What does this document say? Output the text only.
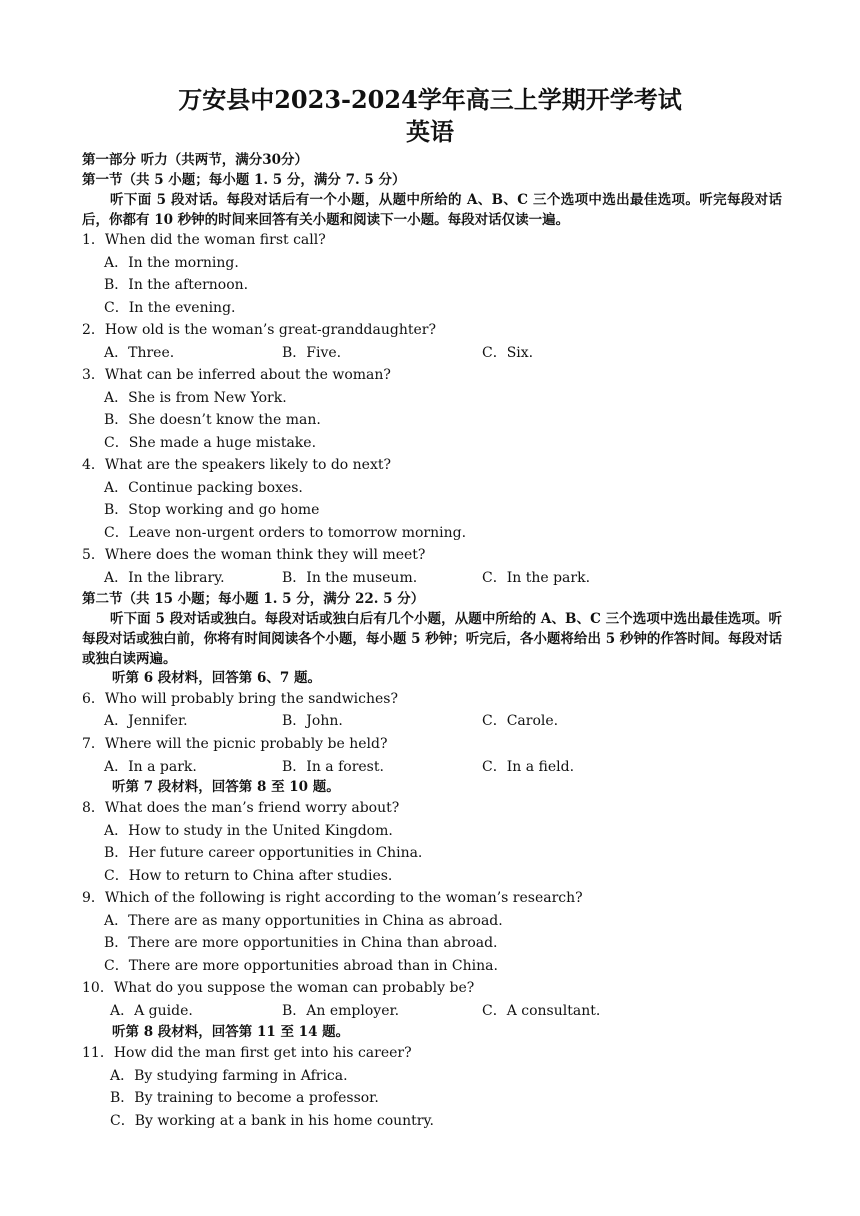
万安县中2023-2024学年高三上学期开学考试
英语
第一部分 听力（共两节，满分30分）
第一节（共 5 小题；每小题 1. 5 分，满分 7. 5 分）
听下面 5 段对话。每段对话后有一个小题，从题中所给的 A、B、C 三个选项中选出最佳选项。听完每段对话后，你都有 10 秒钟的时间来回答有关小题和阅读下一小题。每段对话仅读一遍。
1．When did the woman first call?
A．In the morning.
B．In the afternoon.
C．In the evening.
2．How old is the woman’s great-granddaughter?
A．Three.	B．Five.	C．Six.
3．What can be inferred about the woman?
A．She is from New York.
B．She doesn’t know the man.
C．She made a huge mistake.
4．What are the speakers likely to do next?
A．Continue packing boxes.
B．Stop working and go home
C．Leave non-urgent orders to tomorrow morning.
5．Where does the woman think they will meet?
A．In the library.	B．In the museum.	C．In the park.
第二节（共 15 小题；每小题 1. 5 分，满分 22. 5 分）
听下面 5 段对话或独白。每段对话或独白后有几个小题，从题中所给的 A、B、C 三个选项中选出最佳选项。听每段对话或独白前，你将有时间阅读各个小题，每小题 5 秒钟；听完后，各小题将给出 5 秒钟的作答时间。每段对话或独白读两遍。
听第 6 段材料，回答第 6、7 题。
6．Who will probably bring the sandwiches?
A．Jennifer.	B．John.	C．Carole.
7．Where will the picnic probably be held?
A．In a park.	B．In a forest.	C．In a field.
听第 7 段材料，回答第 8 至 10 题。
8．What does the man’s friend worry about?
A．How to study in the United Kingdom.
B．Her future career opportunities in China.
C．How to return to China after studies.
9．Which of the following is right according to the woman’s research?
A．There are as many opportunities in China as abroad.
B．There are more opportunities in China than abroad.
C．There are more opportunities abroad than in China.
10．What do you suppose the woman can probably be?
A．A guide.	B．An employer.	C．A consultant.
听第 8 段材料，回答第 11 至 14 题。
11．How did the man first get into his career?
A．By studying farming in Africa.
B．By training to become a professor.
C．By working at a bank in his home country.
